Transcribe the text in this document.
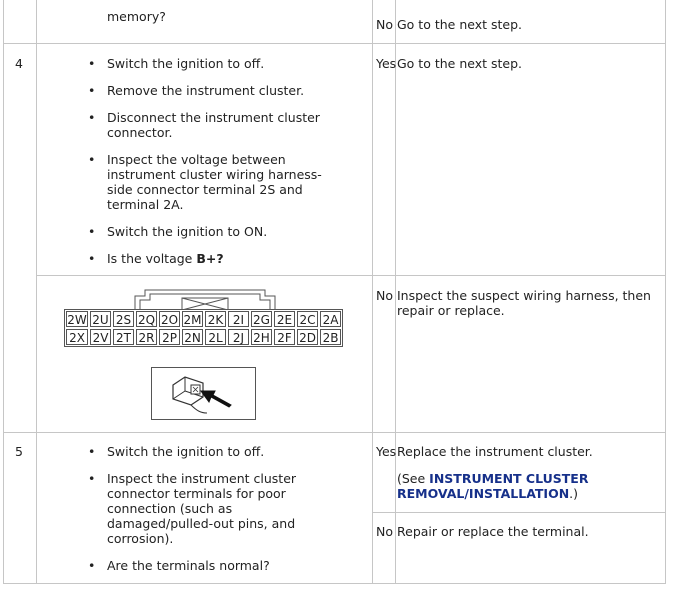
memory?
No Go to the next step.
4	• Switch the ignition to off.
• Remove the instrument cluster.
• Disconnect the instrument cluster connector.
• Inspect the voltage between instrument cluster wiring harness-side connector terminal 2S and terminal 2A.
• Switch the ignition to ON.
• Is the voltage B+?
Yes Go to the next step.
No Inspect the suspect wiring harness, then repair or replace.
2W 2U 2S 2Q 2O 2M 2K 2I 2G 2E 2C 2A
2X 2V 2T 2R 2P 2N 2L 2J 2H 2F 2D 2B
5	• Switch the ignition to off.
• Inspect the instrument cluster connector terminals for poor connection (such as damaged/pulled-out pins, and corrosion).
• Are the terminals normal?
Yes Replace the instrument cluster.
(See INSTRUMENT CLUSTER REMOVAL/INSTALLATION.)
No Repair or replace the terminal.
